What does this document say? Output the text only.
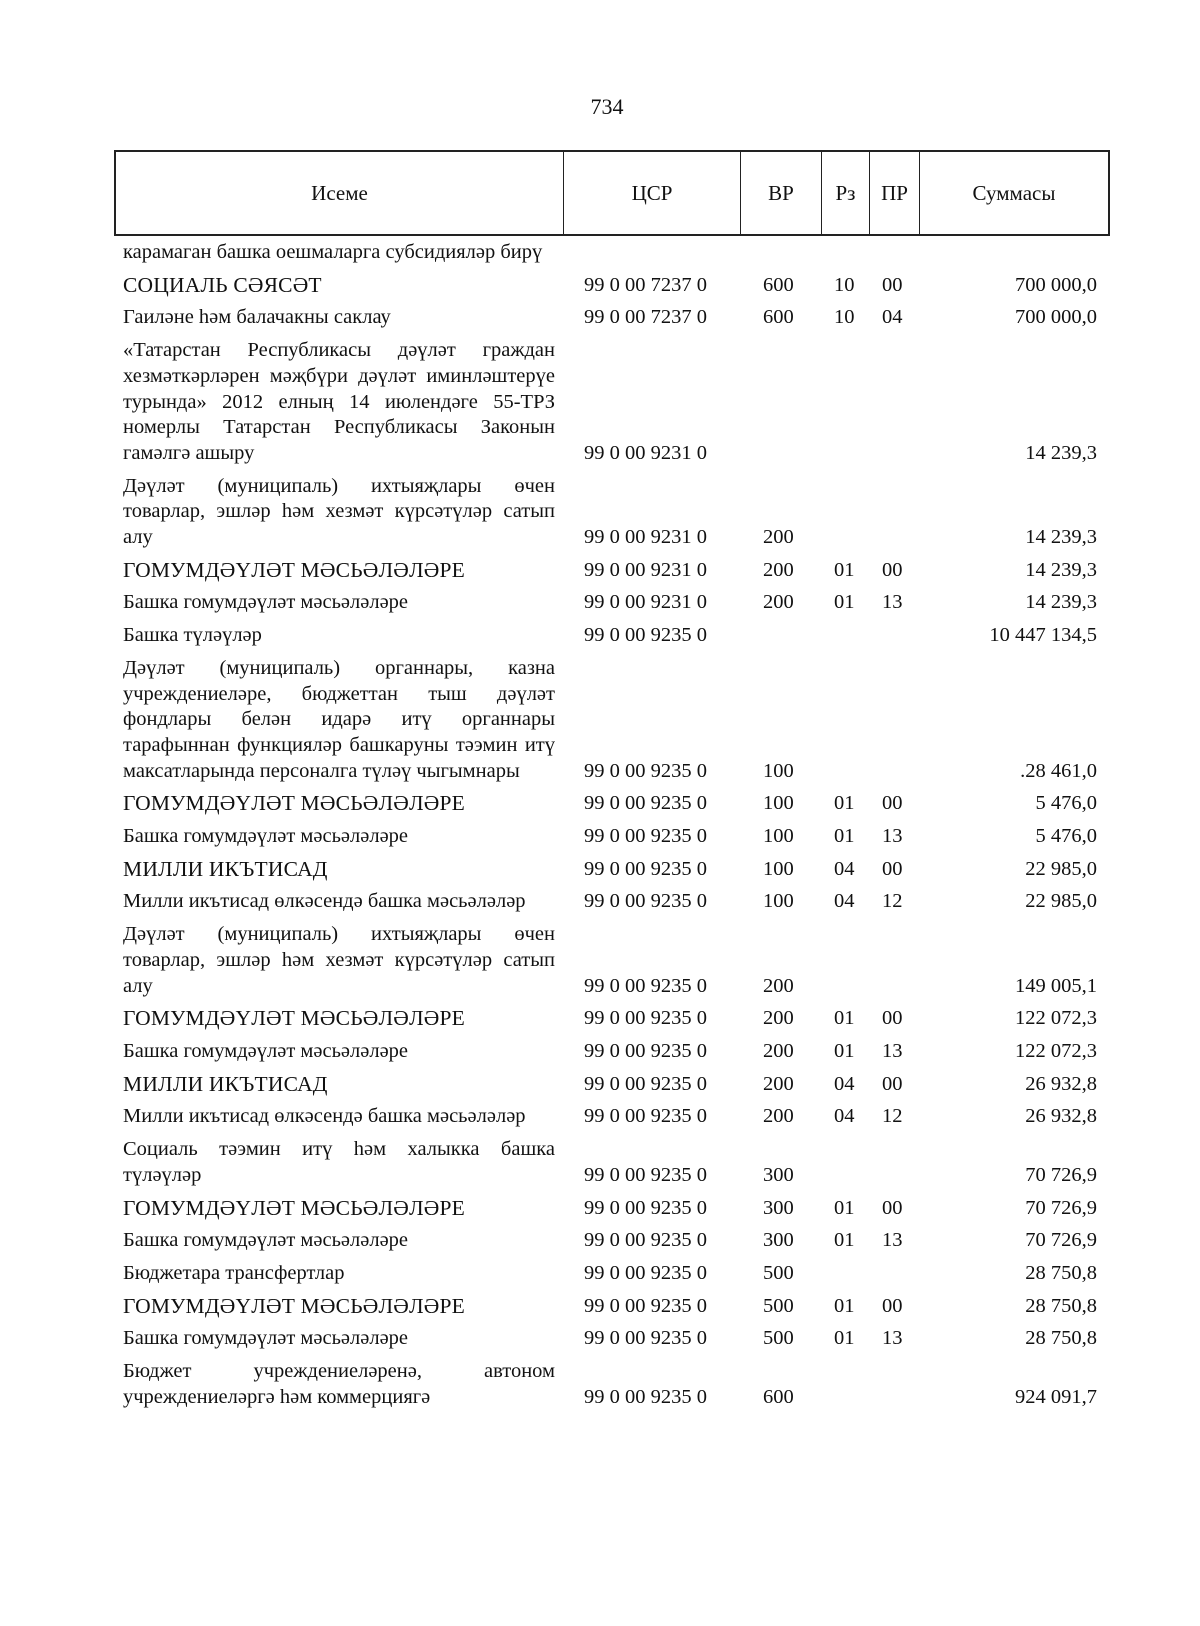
734
Исеме	ЦСР	ВР	Рз	ПР	Суммасы
карамаган башка оешмаларга субсидияләр бирү
СОЦИАЛЬ СӘЯСӘТ	99 0 00 7237 0	600 10 00	700 000,0
Гаиләне һәм балачакны саклау	99 0 00 7237 0	600 10 04	700 000,0
«Татарстан Республикасы дәүләт граждан хезмәткәрләрен мәҗбүри дәүләт иминләштерүе турында» 2012 елның 14 июлендәге 55-ТРЗ номерлы Татарстан Республикасы Законын гамәлгә ашыру	99 0 00 9231 0	14 239,3
Дәүләт (муниципаль) ихтыяҗлары өчен товарлар, эшләр һәм хезмәт күрсәтүләр сатып алу	99 0 00 9231 0	200	14 239,3
ГОМУМДӘҮЛӘТ МӘСЬӘЛӘЛӘРЕ	99 0 00 9231 0	200 01 00	14 239,3
Башка гомумдәүләт мәсьәләләре	99 0 00 9231 0	200 01 13	14 239,3
Башка түләүләр	99 0 00 9235 0	10 447 134,5
Дәүләт (муниципаль) органнары, казна учреждениеләре, бюджеттан тыш дәүләт фондлары белән идарә итү органнары тарафыннан функцияләр башкаруны тәэмин итү максатларында персоналга түләү чыгымнары	99 0 00 9235 0	100	.28 461,0
ГОМУМДӘҮЛӘТ МӘСЬӘЛӘЛӘРЕ	99 0 00 9235 0	100 01 00	5 476,0
Башка гомумдәүләт мәсьәләләре	99 0 00 9235 0	100 01 13	5 476,0
МИЛЛИ ИКЪТИСАД	99 0 00 9235 0	100 04 00	22 985,0
Милли икътисад өлкәсендә башка мәсьәләләр	99 0 00 9235 0	100 04 12	22 985,0
Дәүләт (муниципаль) ихтыяҗлары өчен товарлар, эшләр һәм хезмәт күрсәтүләр сатып алу	99 0 00 9235 0	200	149 005,1
ГОМУМДӘҮЛӘТ МӘСЬӘЛӘЛӘРЕ	99 0 00 9235 0	200 01 00	122 072,3
Башка гомумдәүләт мәсьәләләре	99 0 00 9235 0	200 01 13	122 072,3
МИЛЛИ ИКЪТИСАД	99 0 00 9235 0	200 04 00	26 932,8
Милли икътисад өлкәсендә башка мәсьәләләр	99 0 00 9235 0	200 04 12	26 932,8
Социаль тәэмин итү һәм халыкка башка түләүләр	99 0 00 9235 0	300	70 726,9
ГОМУМДӘҮЛӘТ МӘСЬӘЛӘЛӘРЕ	99 0 00 9235 0	300 01 00	70 726,9
Башка гомумдәүләт мәсьәләләре	99 0 00 9235 0	300 01 13	70 726,9
Бюджетара трансфертлар	99 0 00 9235 0	500	28 750,8
ГОМУМДӘҮЛӘТ МӘСЬӘЛӘЛӘРЕ	99 0 00 9235 0	500 01 00	28 750,8
Башка гомумдәүләт мәсьәләләре	99 0 00 9235 0	500 01 13	28 750,8
Бюджет учреждениеләренә, автоном учреждениеләргә һәм коммерциягә	99 0 00 9235 0	600	924 091,7
